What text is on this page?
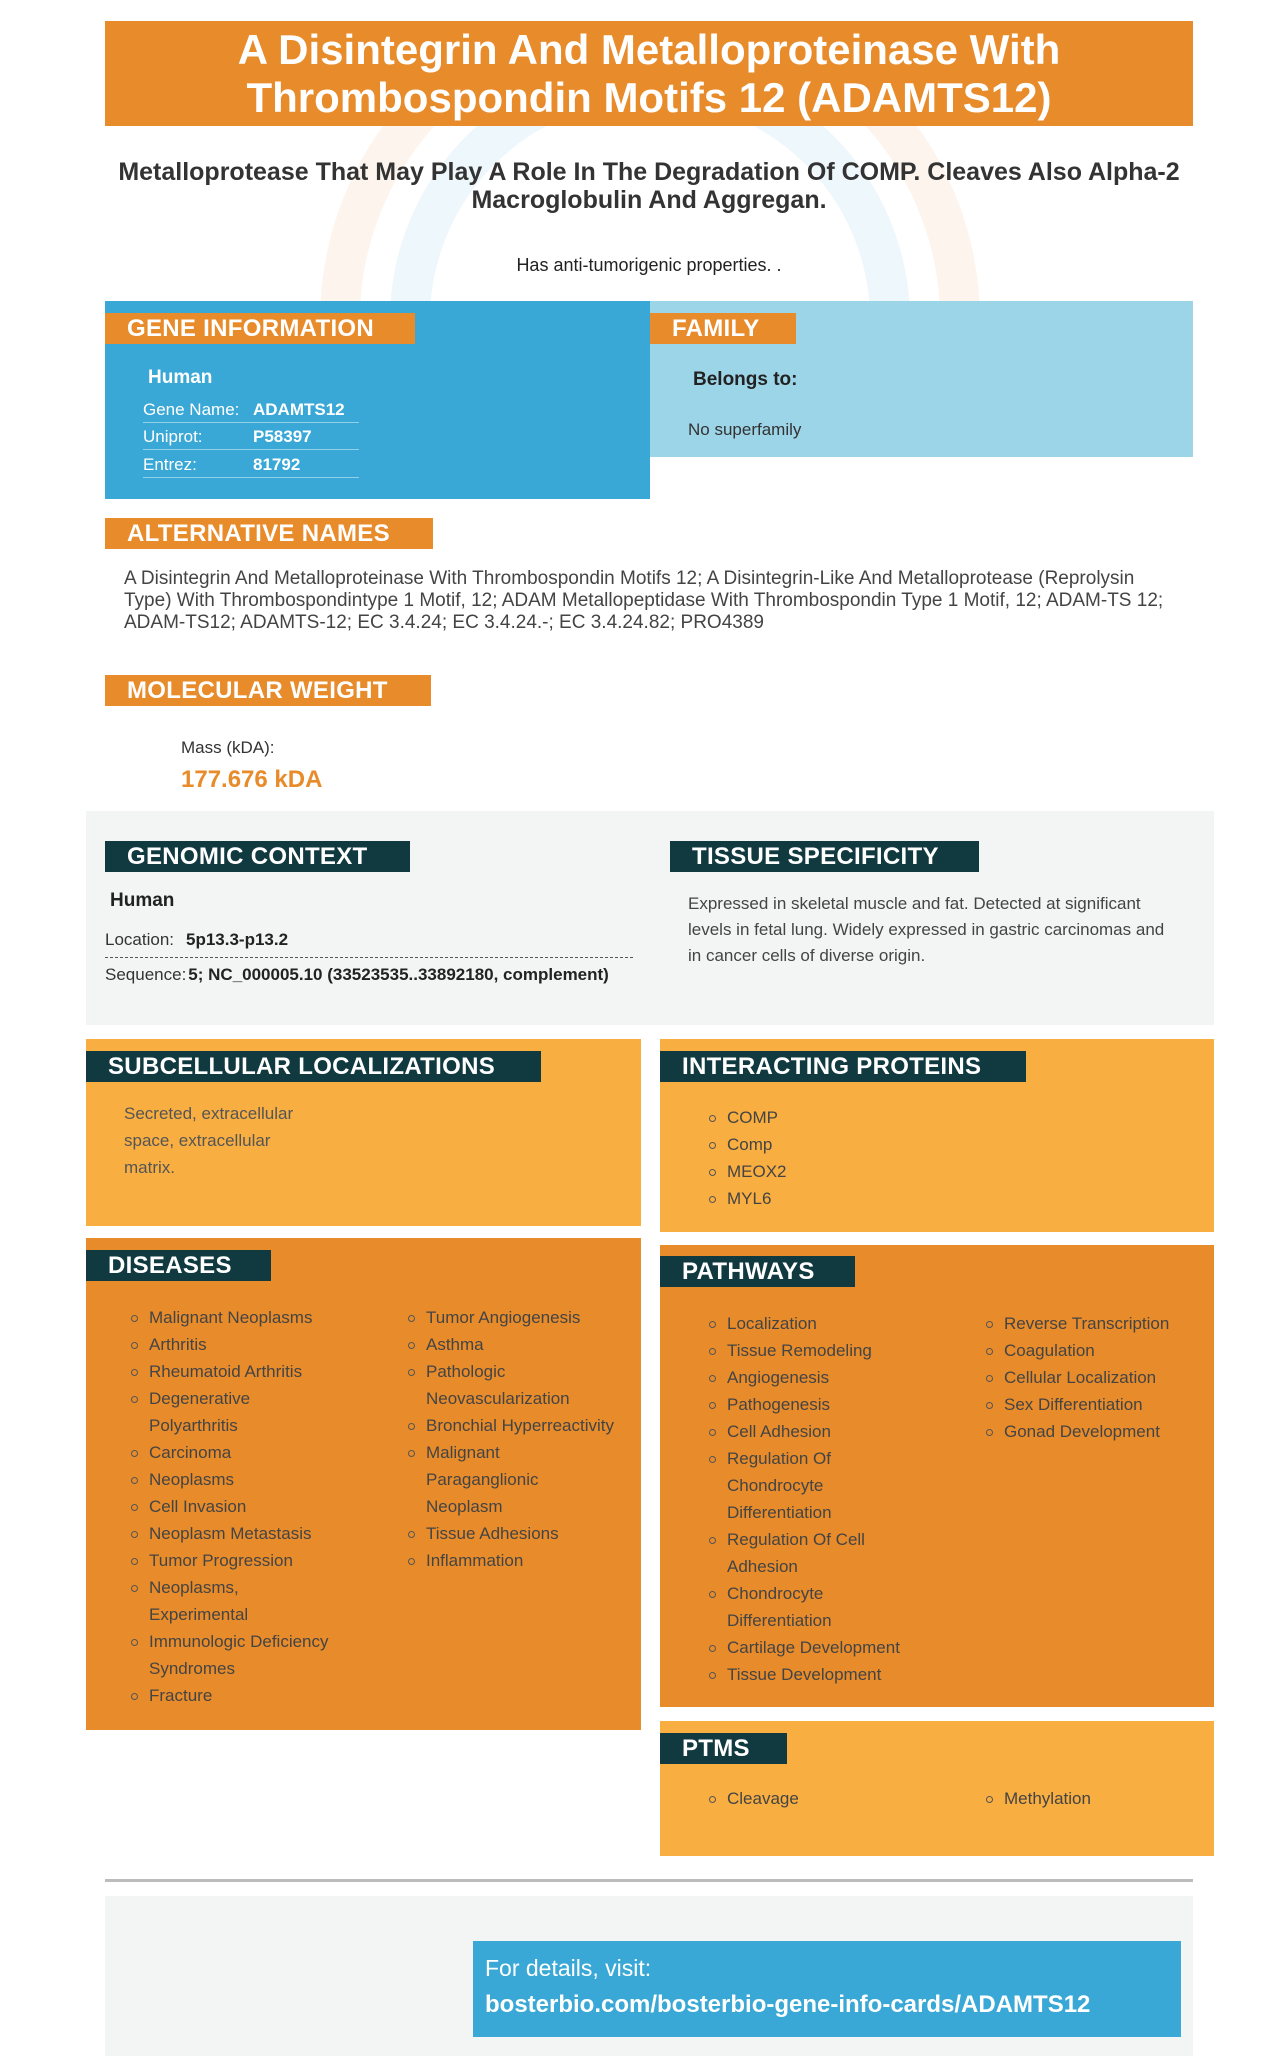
A Disintegrin And Metalloproteinase With Thrombospondin Motifs 12 (ADAMTS12)
Metalloprotease That May Play A Role In The Degradation Of COMP. Cleaves Also Alpha-2 Macroglobulin And Aggregan.
Has anti-tumorigenic properties. .
GENE INFORMATION
Human
Gene Name: ADAMTS12
Uniprot:	P58397
Entrez:	81792
FAMILY
Belongs to:
No superfamily
ALTERNATIVE NAMES
A Disintegrin And Metalloproteinase With Thrombospondin Motifs 12; A Disintegrin-Like And Metalloprotease (Reprolysin Type) With Thrombospondintype 1 Motif, 12; ADAM Metallopeptidase With Thrombospondin Type 1 Motif, 12; ADAM-TS 12; ADAM-TS12; ADAMTS-12; EC 3.4.24; EC 3.4.24.-; EC 3.4.24.82; PRO4389
MOLECULAR WEIGHT
Mass (kDA):
177.676 kDA
GENOMIC CONTEXT
Human
Location: 5p13.3-p13.2
Sequence: 5; NC_000005.10 (33523535..33892180, complement)
TISSUE SPECIFICITY
Expressed in skeletal muscle and fat. Detected at significant levels in fetal lung. Widely expressed in gastric carcinomas and in cancer cells of diverse origin.
SUBCELLULAR LOCALIZATIONS
Secreted, extracellular space, extracellular matrix.
INTERACTING PROTEINS
COMP
Comp
MEOX2
MYL6
DISEASES
Malignant Neoplasms
Arthritis
Rheumatoid Arthritis
Degenerative Polyarthritis
Carcinoma
Neoplasms
Cell Invasion
Neoplasm Metastasis
Tumor Progression
Neoplasms, Experimental
Immunologic Deficiency Syndromes
Fracture
Tumor Angiogenesis
Asthma
Pathologic Neovascularization
Bronchial Hyperreactivity
Malignant Paraganglionic Neoplasm
Tissue Adhesions
Inflammation
PATHWAYS
Localization
Tissue Remodeling
Angiogenesis
Pathogenesis
Cell Adhesion
Regulation Of Chondrocyte Differentiation
Regulation Of Cell Adhesion
Chondrocyte Differentiation
Cartilage Development
Tissue Development
Reverse Transcription
Coagulation
Cellular Localization
Sex Differentiation
Gonad Development
PTMS
Cleavage	Methylation
For details, visit:
bosterbio.com/bosterbio-gene-info-cards/ADAMTS12
